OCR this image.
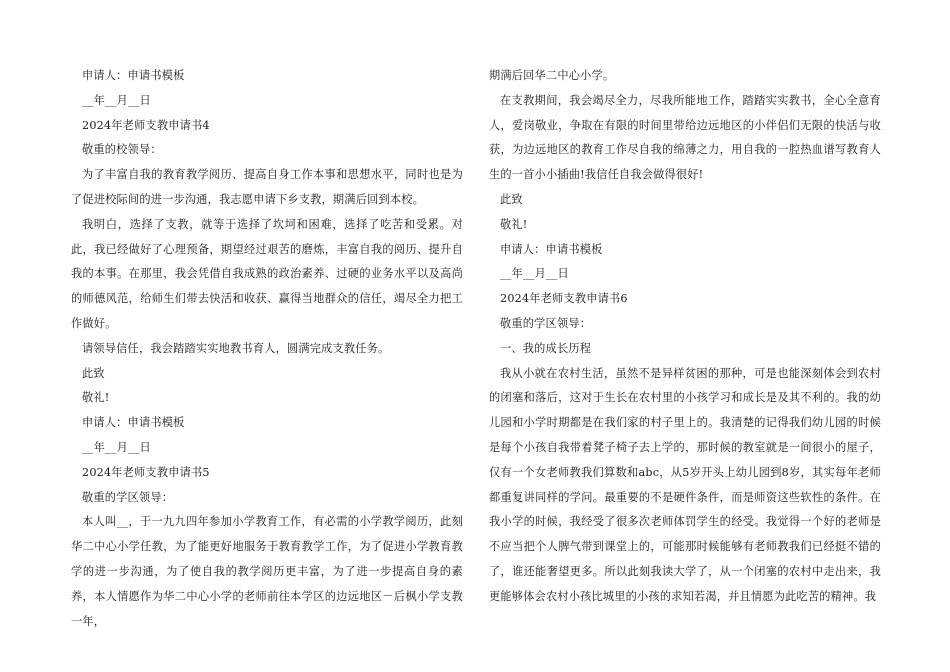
申请人：申请书模板

__年__月__日

2024年老师支教申请书4

敬重的校领导：

为了丰富自我的教育教学阅历、提高自身工作本事和思想水平，同时也是为了促进校际间的进一步沟通，我志愿申请下乡支教，期满后回到本校。

我明白，选择了支教，就等于选择了坎坷和困难，选择了吃苦和受累。对此，我已经做好了心理预备，期望经过艰苦的磨炼，丰富自我的阅历、提升自我的本事。在那里，我会凭借自我成熟的政治素养、过硬的业务水平以及高尚的师德风范，给师生们带去快活和收获、赢得当地群众的信任，竭尽全力把工作做好。

请领导信任，我会踏踏实实地教书育人，圆满完成支教任务。

此致

敬礼!

申请人：申请书模板

__年__月__日

2024年老师支教申请书5

敬重的学区领导：

本人叫__，于一九九四年参加小学教育工作，有必需的小学教学阅历，此刻华二中心小学任教，为了能更好地服务于教育教学工作，为了促进小学教育教学的进一步沟通，为了使自我的教学阅历更丰富，为了进一步提高自身的素养，本人情愿作为华二中心小学的老师前往本学区的边远地区－后枫小学支教一年，

期满后回华二中心小学。

在支教期间，我会竭尽全力，尽我所能地工作，踏踏实实教书，全心全意育人，爱岗敬业，争取在有限的时间里带给边远地区的小伴侣们无限的快活与收获，为边远地区的教育工作尽自我的绵薄之力，用自我的一腔热血谱写教育人生的一首小小插曲!我信任自我会做得很好!

此致

敬礼!

申请人：申请书模板

__年__月__日

2024年老师支教申请书6

敬重的学区领导：

一、我的成长历程

我从小就在农村生活，虽然不是异样贫困的那种，可是也能深刻体会到农村的闭塞和落后，这对于生长在农村里的小孩学习和成长是及其不利的。我的幼儿园和小学时期都是在我们家的村子里上的。我清楚的记得我们幼儿园的时候是每个小孩自我带着凳子椅子去上学的，那时候的教室就是一间很小的屋子，仅有一个女老师教我们算数和abc，从5岁开头上幼儿园到8岁，其实每年老师都重复讲同样的学问。最重要的不是硬件条件，而是师资这些软性的条件。在我小学的时候，我经受了很多次老师体罚学生的经受。我觉得一个好的老师是不应当把个人脾气带到课堂上的，可能那时候能够有老师教我们已经挺不错的了，谁还能奢望更多。所以此刻我读大学了，从一个闭塞的农村中走出来，我更能够体会农村小孩比城里的小孩的求知若渴，并且情愿为此吃苦的精神。我
